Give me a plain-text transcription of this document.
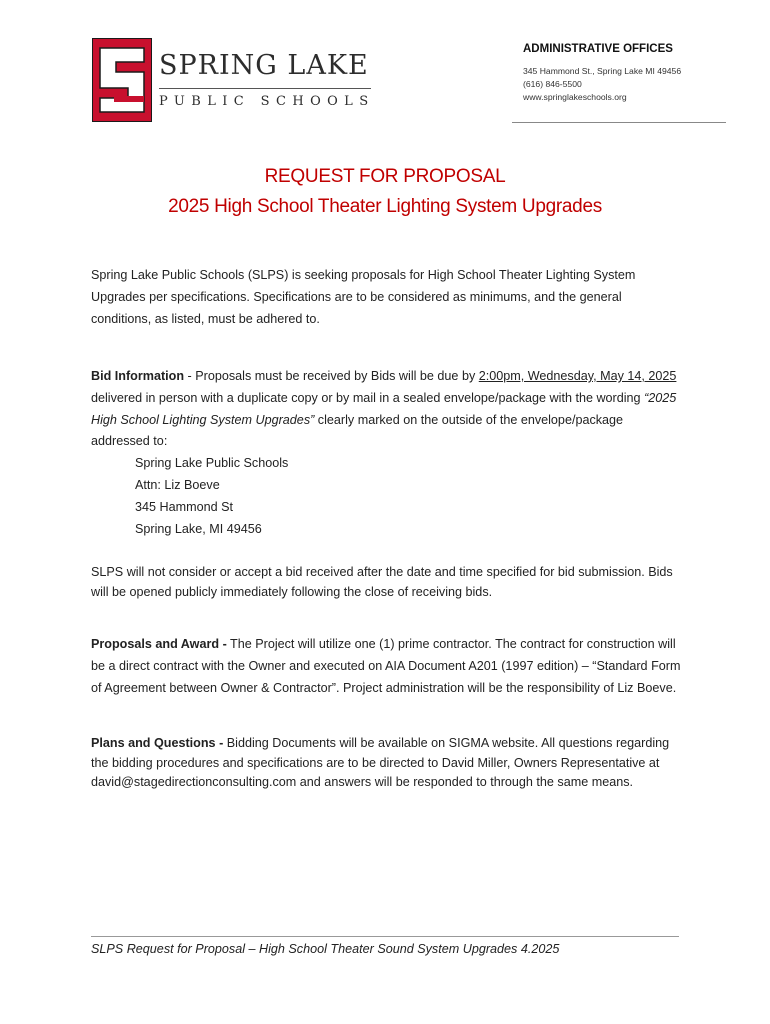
SPRING LAKE
PUBLIC SCHOOLS
ADMINISTRATIVE OFFICES
345 Hammond St., Spring Lake MI 49456
(616) 846-5500
www.springlakeschools.org
REQUEST FOR PROPOSAL
2025 High School Theater Lighting System Upgrades
Spring Lake Public Schools (SLPS) is seeking proposals for High School Theater Lighting System Upgrades per specifications. Specifications are to be considered as minimums, and the general conditions, as listed, must be adhered to.
Bid Information - Proposals must be received by Bids will be due by 2:00pm, Wednesday, May 14, 2025 delivered in person with a duplicate copy or by mail in a sealed envelope/package with the wording “2025 High School Lighting System Upgrades” clearly marked on the outside of the envelope/package addressed to:
Spring Lake Public Schools
Attn: Liz Boeve
345 Hammond St
Spring Lake, MI 49456
SLPS will not consider or accept a bid received after the date and time specified for bid submission. Bids will be opened publicly immediately following the close of receiving bids.
Proposals and Award - The Project will utilize one (1) prime contractor. The contract for construction will be a direct contract with the Owner and executed on AIA Document A201 (1997 edition) – “Standard Form of Agreement between Owner & Contractor”. Project administration will be the responsibility of Liz Boeve.
Plans and Questions - Bidding Documents will be available on SIGMA website. All questions regarding the bidding procedures and specifications are to be directed to David Miller, Owners Representative at david@stagedirectionconsulting.com and answers will be responded to through the same means.
SLPS Request for Proposal – High School Theater Sound System Upgrades 4.2025
